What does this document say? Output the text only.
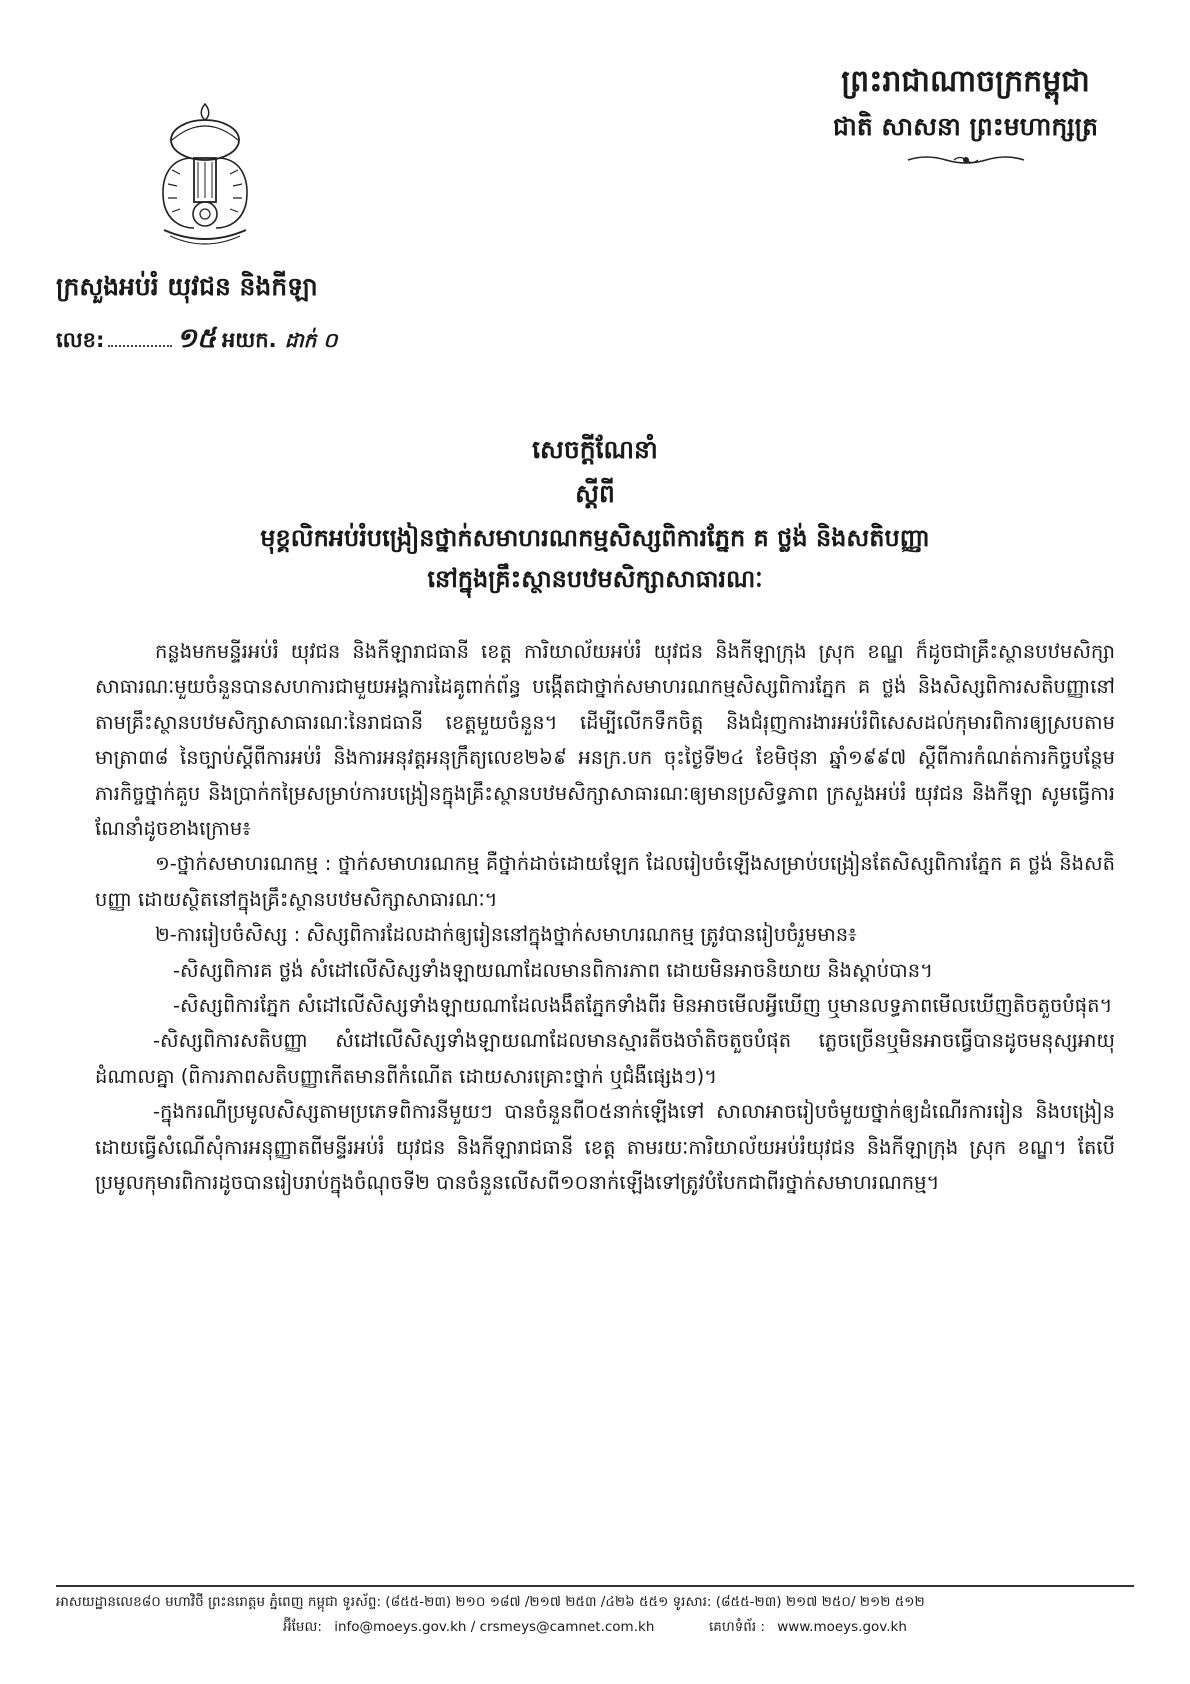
ព្រះរាជាណាចក្រកម្ពុជា
ជាតិ សាសនា ព្រះមហាក្សត្រ
ក្រសួងអប់រំ យុវជន និងកីឡា
លេខ:	១៥ អយក. ដាក់ ០
សេចក្ដីណែនាំ
ស្ដីពី
មុខ្គលិកអប់រំបង្រៀនថ្នាក់សមាហរណកម្មសិស្សពិការភ្នែក គ ថ្លង់ និងសតិបញ្ញា
នៅក្នុងគ្រឹះស្ថានបឋមសិក្សាសាធារណៈ

កន្លងមកមន្ទីរអប់រំ យុវជន និងកីឡារាជធានី ខេត្ត ការិយាល័យអប់រំ យុវជន និងកីឡាក្រុង ស្រុក ខណ្ឌ ក៏ដូចជាគ្រឹះស្ថានបឋមសិក្សាសាធារណៈមួយចំនួនបានសហការជាមួយអង្គការដៃគូពាក់ព័ន្ធ បង្កើតជាថ្នាក់សមាហរណកម្មសិស្សពិការភ្នែក គ ថ្លង់ និងសិស្សពិការសតិបញ្ញានៅតាមគ្រឹះស្ថានបឋមសិក្សាសាធារណៈនៃរាជធានី ខេត្តមួយចំនួន។ ដើម្បីលើកទឹកចិត្ត និងជំរុញការងារអប់រំពិសេសដល់កុមារពិការឲ្យស្របតាមមាត្រា៣៨ នៃច្បាប់ស្ដីពីការអប់រំ និងការអនុវត្តអនុក្រឹត្យលេខ២៦៩ អនក្រ.បក ចុះថ្ងៃទី២៤ ខែមិថុនា ឆ្នាំ១៩៩៧ ស្ដីពីការកំណត់ការកិច្ចបន្ថែម ភារកិច្ចថ្នាក់គួប និងប្រាក់កម្រៃសម្រាប់ការបង្រៀនក្នុងគ្រឹះស្ថានបឋមសិក្សាសាធារណៈឲ្យមានប្រសិទ្ធភាព ក្រសួងអប់រំ យុវជន និងកីឡា សូមធ្វើការណែនាំដូចខាងក្រោម៖

១-ថ្នាក់សមាហរណកម្ម : ថ្នាក់សមាហរណកម្ម គឺថ្នាក់ដាច់ដោយឡែក ដែលរៀបចំឡើងសម្រាប់បង្រៀនតែសិស្សពិការភ្នែក គ ថ្លង់ និងសតិបញ្ញា ដោយស្ថិតនៅក្នុងគ្រឹះស្ថានបឋមសិក្សាសាធារណៈ។

២-ការរៀបចំសិស្ស : សិស្សពិការដែលដាក់ឲ្យរៀននៅក្នុងថ្នាក់សមាហរណកម្ម ត្រូវបានរៀបចំរួមមាន៖

-សិស្សពិការគ ថ្លង់ សំដៅលើសិស្សទាំងឡាយណាដែលមានពិការភាព ដោយមិនអាចនិយាយ និងស្ដាប់បាន។

-សិស្សពិការភ្នែក សំដៅលើសិស្សទាំងឡាយណាដែលងងឹតភ្នែកទាំងពីរ មិនអាចមើលអ្វីឃើញ ឬមានលទ្ធភាពមើលឃើញតិចតួចបំផុត។

-សិស្សពិការសតិបញ្ញា សំដៅលើសិស្សទាំងឡាយណាដែលមានស្មារតីចងចាំតិចតួចបំផុត ភ្លេចច្រើនឬមិនអាចធ្វើបានដូចមនុស្សអាយុដំណាលគ្នា (ពិការភាពសតិបញ្ញាកើតមានពីកំណើត ដោយសារគ្រោះថ្នាក់ ឬជំងឺផ្សេងៗ)។

-ក្នុងករណីប្រមូលសិស្សតាមប្រភេទពិការនីមួយៗ បានចំនួនពី០៥នាក់ឡើងទៅ សាលាអាចរៀបចំមួយថ្នាក់ឲ្យដំណើរការរៀន និងបង្រៀន ដោយធ្វើសំណើសុំការអនុញ្ញាតពីមន្ទីរអប់រំ យុវជន និងកីឡារាជធានី ខេត្ត តាមរយៈការិយាល័យអប់រំយុវជន និងកីឡាក្រុង ស្រុក ខណ្ឌ។ តែបើប្រមូលកុមារពិការដូចបានរៀបរាប់ក្នុងចំណុចទី២ បានចំនួនលើសពី១០នាក់ឡើងទៅត្រូវបំបែកជាពីរថ្នាក់សមាហរណកម្ម។

អាសយដ្ឋានលេខ៨០ មហាវិថី ព្រះនរោត្តម ភ្នំពេញ កម្ពុជា ទូរស័ព្ទ: (៨៥៥-២៣) ២១០ ១៨៧ /២១៧ ២៥៣ /៤២៦ ៥៥១ ទូរសារ: (៨៥៥-២៣) ២១៧ ២៥០/ ២១២ ៥១២
អ៊ីមែល: info@moeys.gov.kh / crsmeys@camnet.com.kh	គេហទំព័រ : www.moeys.gov.kh
